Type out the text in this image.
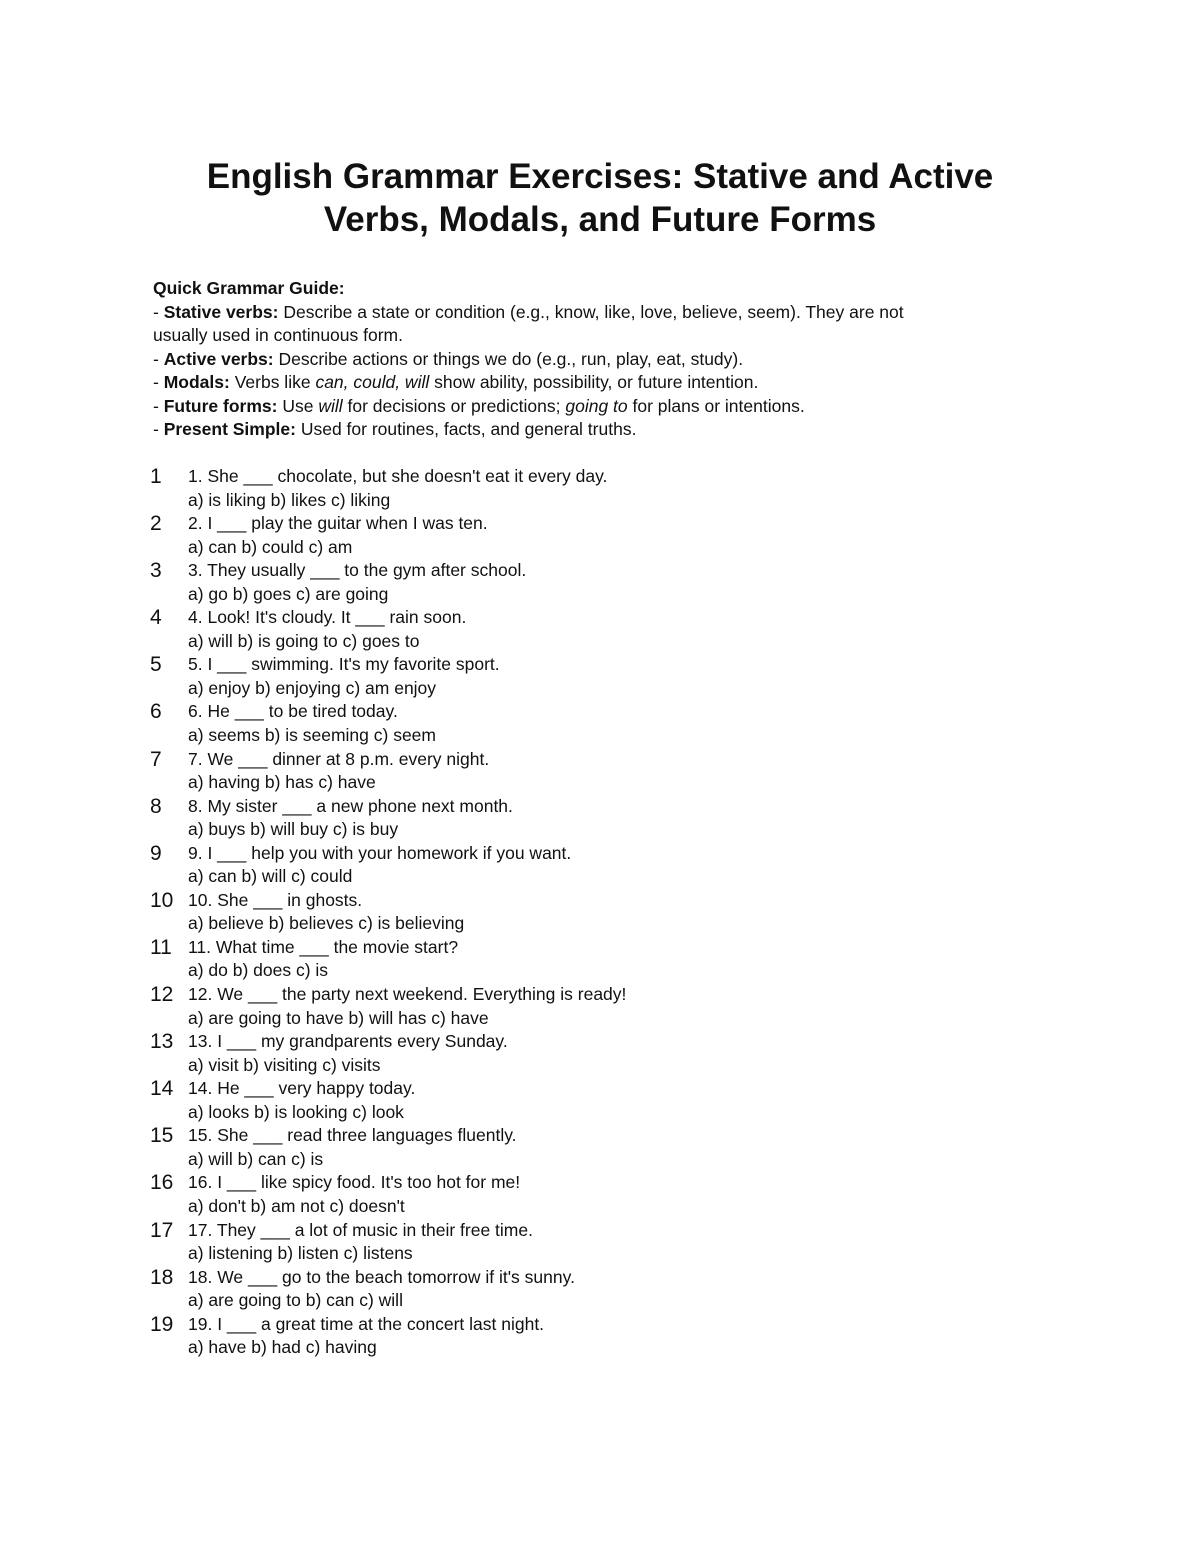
English Grammar Exercises: Stative and Active
Verbs, Modals, and Future Forms
Quick Grammar Guide:
- Stative verbs: Describe a state or condition (e.g., know, like, love, believe, seem). They are not
usually used in continuous form.
- Active verbs: Describe actions or things we do (e.g., run, play, eat, study).
- Modals: Verbs like can, could, will show ability, possibility, or future intention.
- Future forms: Use will for decisions or predictions; going to for plans or intentions.
- Present Simple: Used for routines, facts, and general truths.
1	1. She ___ chocolate, but she doesn't eat it every day.
a) is liking b) likes c) liking
2	2. I ___ play the guitar when I was ten.
a) can b) could c) am
3	3. They usually ___ to the gym after school.
a) go b) goes c) are going
4	4. Look! It's cloudy. It ___ rain soon.
a) will b) is going to c) goes to
5	5. I ___ swimming. It's my favorite sport.
a) enjoy b) enjoying c) am enjoy
6	6. He ___ to be tired today.
a) seems b) is seeming c) seem
7	7. We ___ dinner at 8 p.m. every night.
a) having b) has c) have
8	8. My sister ___ a new phone next month.
a) buys b) will buy c) is buy
9	9. I ___ help you with your homework if you want.
a) can b) will c) could
10 10. She ___ in ghosts.
a) believe b) believes c) is believing
11 11. What time ___ the movie start?
a) do b) does c) is
12 12. We ___ the party next weekend. Everything is ready!
a) are going to have b) will has c) have
13 13. I ___ my grandparents every Sunday.
a) visit b) visiting c) visits
14 14. He ___ very happy today.
a) looks b) is looking c) look
15 15. She ___ read three languages fluently.
a) will b) can c) is
16 16. I ___ like spicy food. It's too hot for me!
a) don't b) am not c) doesn't
17 17. They ___ a lot of music in their free time.
a) listening b) listen c) listens
18 18. We ___ go to the beach tomorrow if it's sunny.
a) are going to b) can c) will
19 19. I ___ a great time at the concert last night.
a) have b) had c) having
